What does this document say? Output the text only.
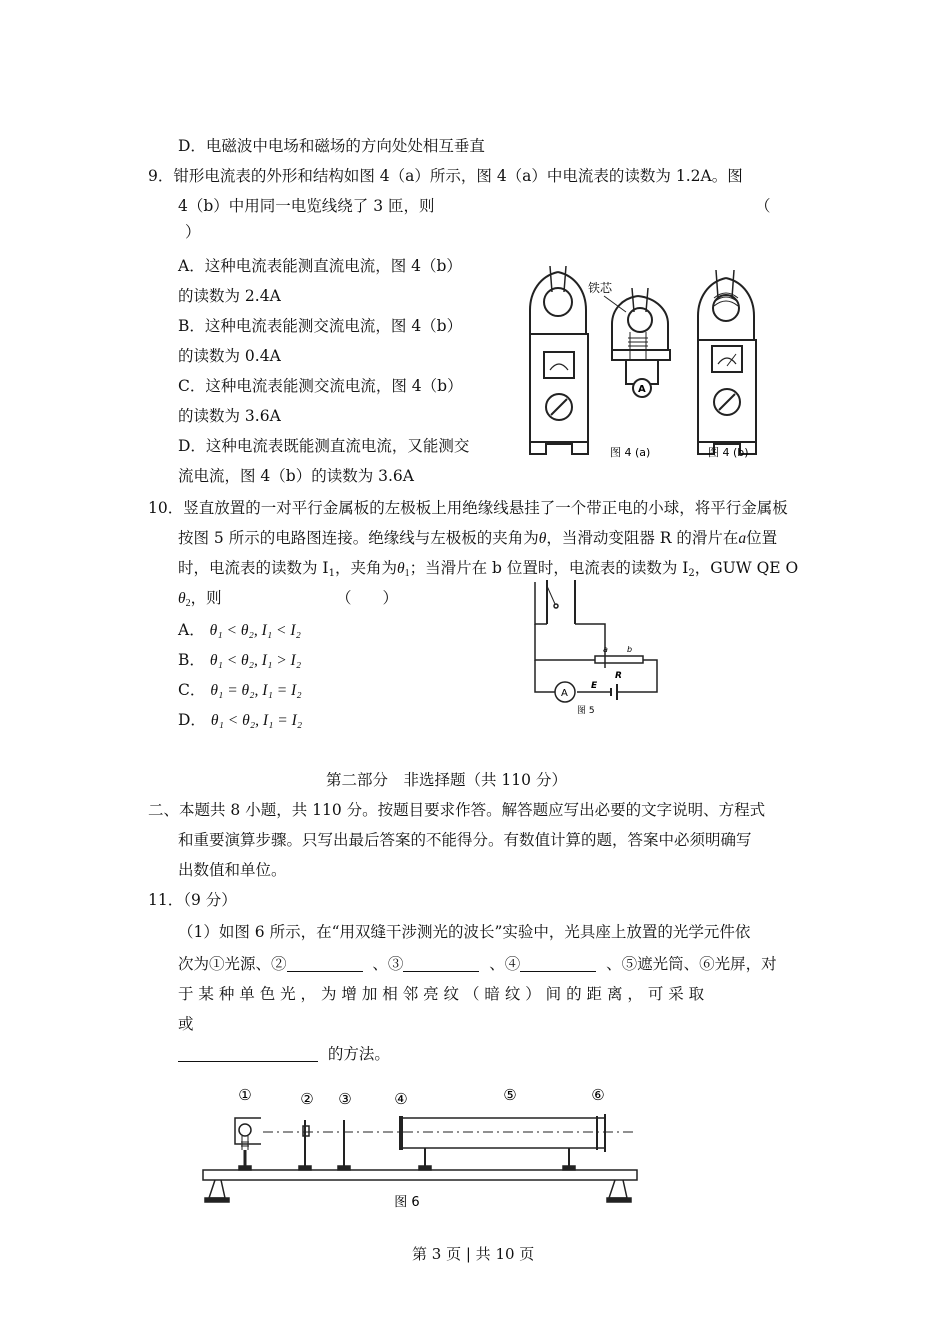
D．电磁波中电场和磁场的方向处处相互垂直
9．钳形电流表的外形和结构如图 4（a）所示，图 4（a）中电流表的读数为 1.2A。图
4（b）中用同一电览线绕了 3 匝，则	（
）
A．这种电流表能测直流电流，图 4（b）
的读数为 2.4A
B．这种电流表能测交流电流，图 4（b）
的读数为 0.4A
C．这种电流表能测交流电流，图 4（b）
的读数为 3.6A
D．这种电流表既能测直流电流，又能测交
流电流，图 4（b）的读数为 3.6A
铁芯
A
图 4 (a)	图 4 (b)
10．竖直放置的一对平行金属板的左极板上用绝缘线悬挂了一个带正电的小球，将平行金属板
按图 5 所示的电路图连接。绝缘线与左极板的夹角为θ，当滑动变阻器 R 的滑片在a位置
时，电流表的读数为 $I_1$，夹角为$\theta_1$；当滑片在 b 位置时，电流表的读数为 $I_2$，GUW QE O
$\theta_2$，则	（　　）
A． θ₁ < θ₂, I₁ < I₂
B． θ₁ < θ₂, I₁ > I₂
C． θ₁ = θ₂, I₁ = I₂
D． θ₁ < θ₂, I₁ = I₂
a b
R
E
A
图 5
第二部分　非选择题（共 110 分）
二、本题共 8 小题，共 110 分。按题目要求作答。解答题应写出必要的文字说明、方程式
和重要演算步骤。只写出最后答案的不能得分。有数值计算的题，答案中必须明确写
出数值和单位。
11．（9 分）
（1）如图 6 所示，在“用双缝干涉测光的波长”实验中，光具座上放置的光学元件依
次为①光源、②	、③	、④	、⑤遮光筒、⑥光屏，对
于 某 种 单 色 光 ， 为 增 加 相 邻 亮 纹 （ 暗 纹 ） 间 的 距 离 ， 可 采 取
或
的方法。
①	② ③	④	⑤	⑥
图 6
第 3 页 | 共 10 页
